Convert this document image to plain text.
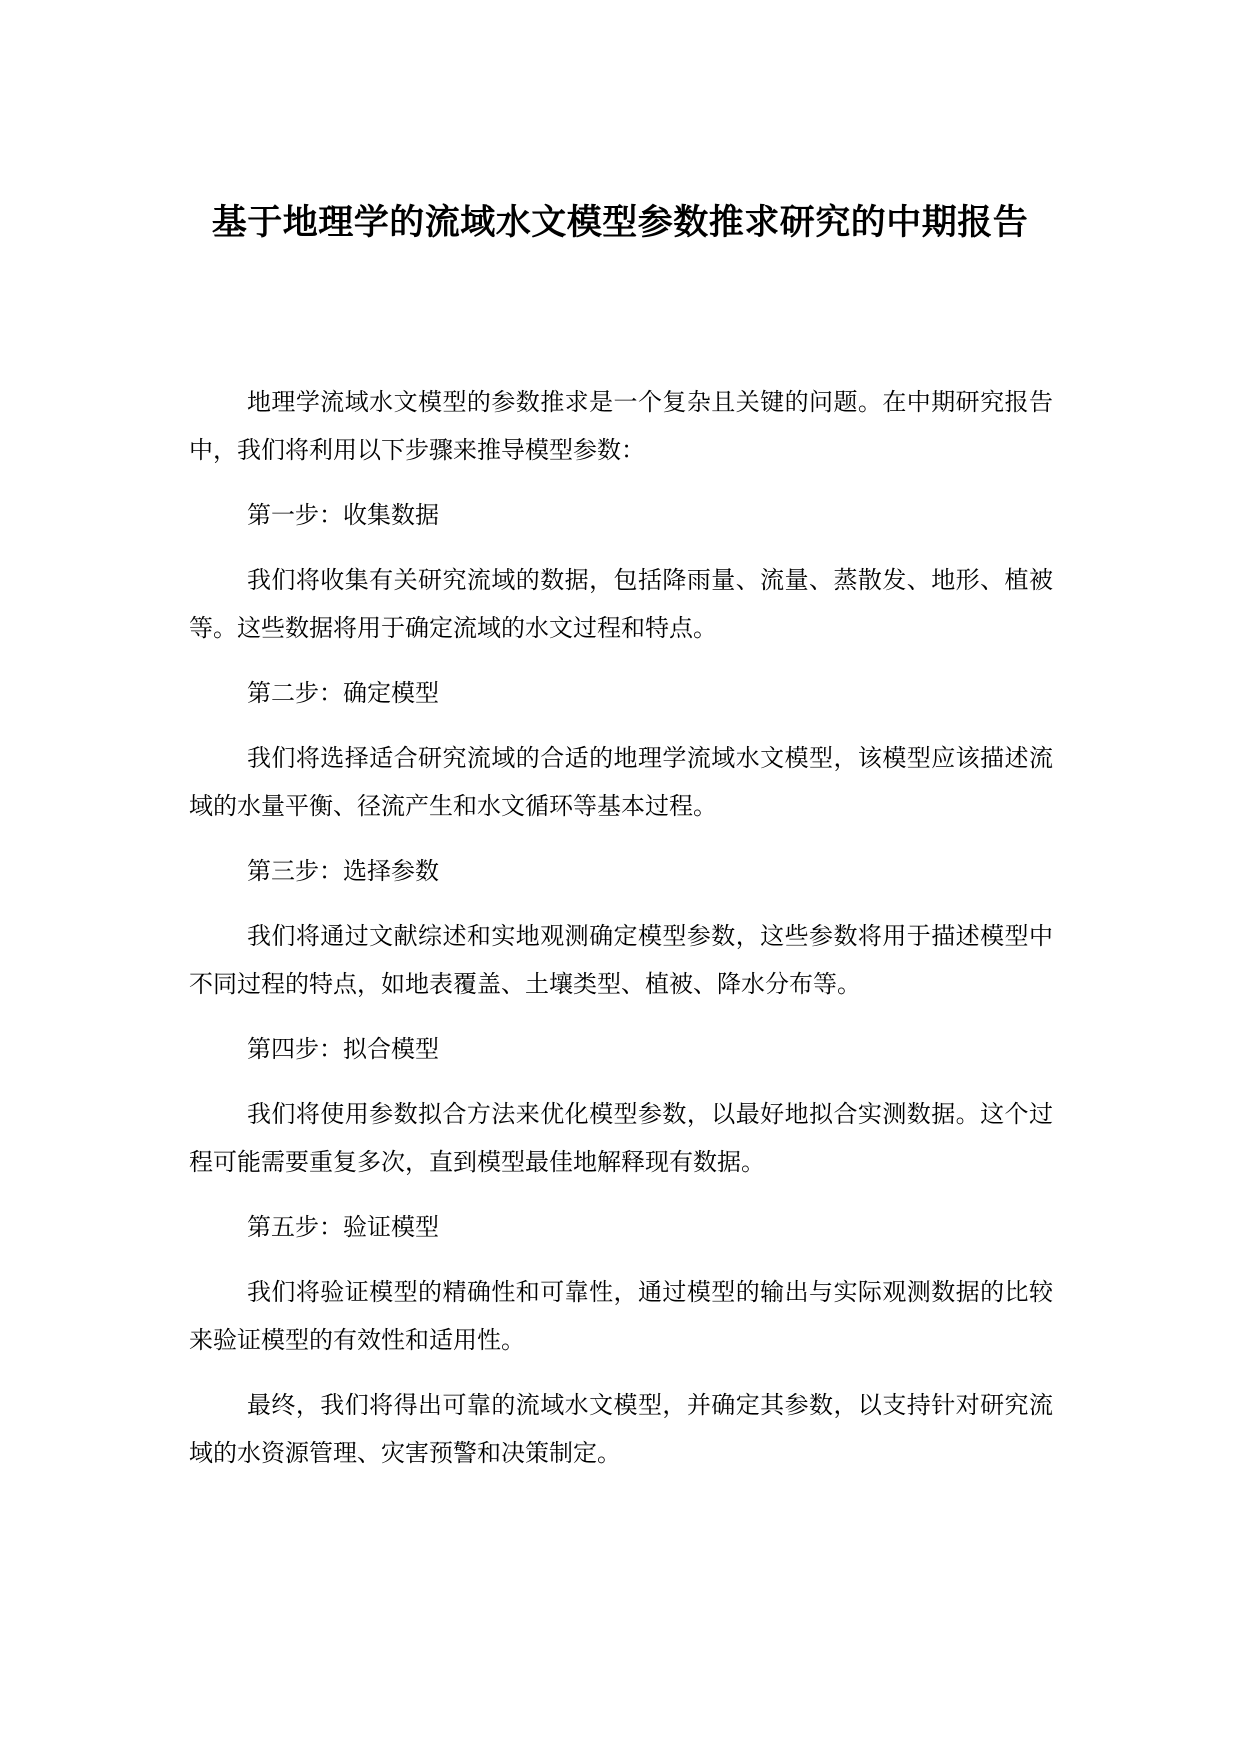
基于地理学的流域水文模型参数推求研究的中期报告

地理学流域水文模型的参数推求是一个复杂且关键的问题。在中期研究报告中，我们将利用以下步骤来推导模型参数：

第一步：收集数据

我们将收集有关研究流域的数据，包括降雨量、流量、蒸散发、地形、植被等。这些数据将用于确定流域的水文过程和特点。

第二步：确定模型

我们将选择适合研究流域的合适的地理学流域水文模型，该模型应该描述流域的水量平衡、径流产生和水文循环等基本过程。

第三步：选择参数

我们将通过文献综述和实地观测确定模型参数，这些参数将用于描述模型中不同过程的特点，如地表覆盖、土壤类型、植被、降水分布等。

第四步：拟合模型

我们将使用参数拟合方法来优化模型参数，以最好地拟合实测数据。这个过程可能需要重复多次，直到模型最佳地解释现有数据。

第五步：验证模型

我们将验证模型的精确性和可靠性，通过模型的输出与实际观测数据的比较来验证模型的有效性和适用性。

最终，我们将得出可靠的流域水文模型，并确定其参数，以支持针对研究流域的水资源管理、灾害预警和决策制定。
